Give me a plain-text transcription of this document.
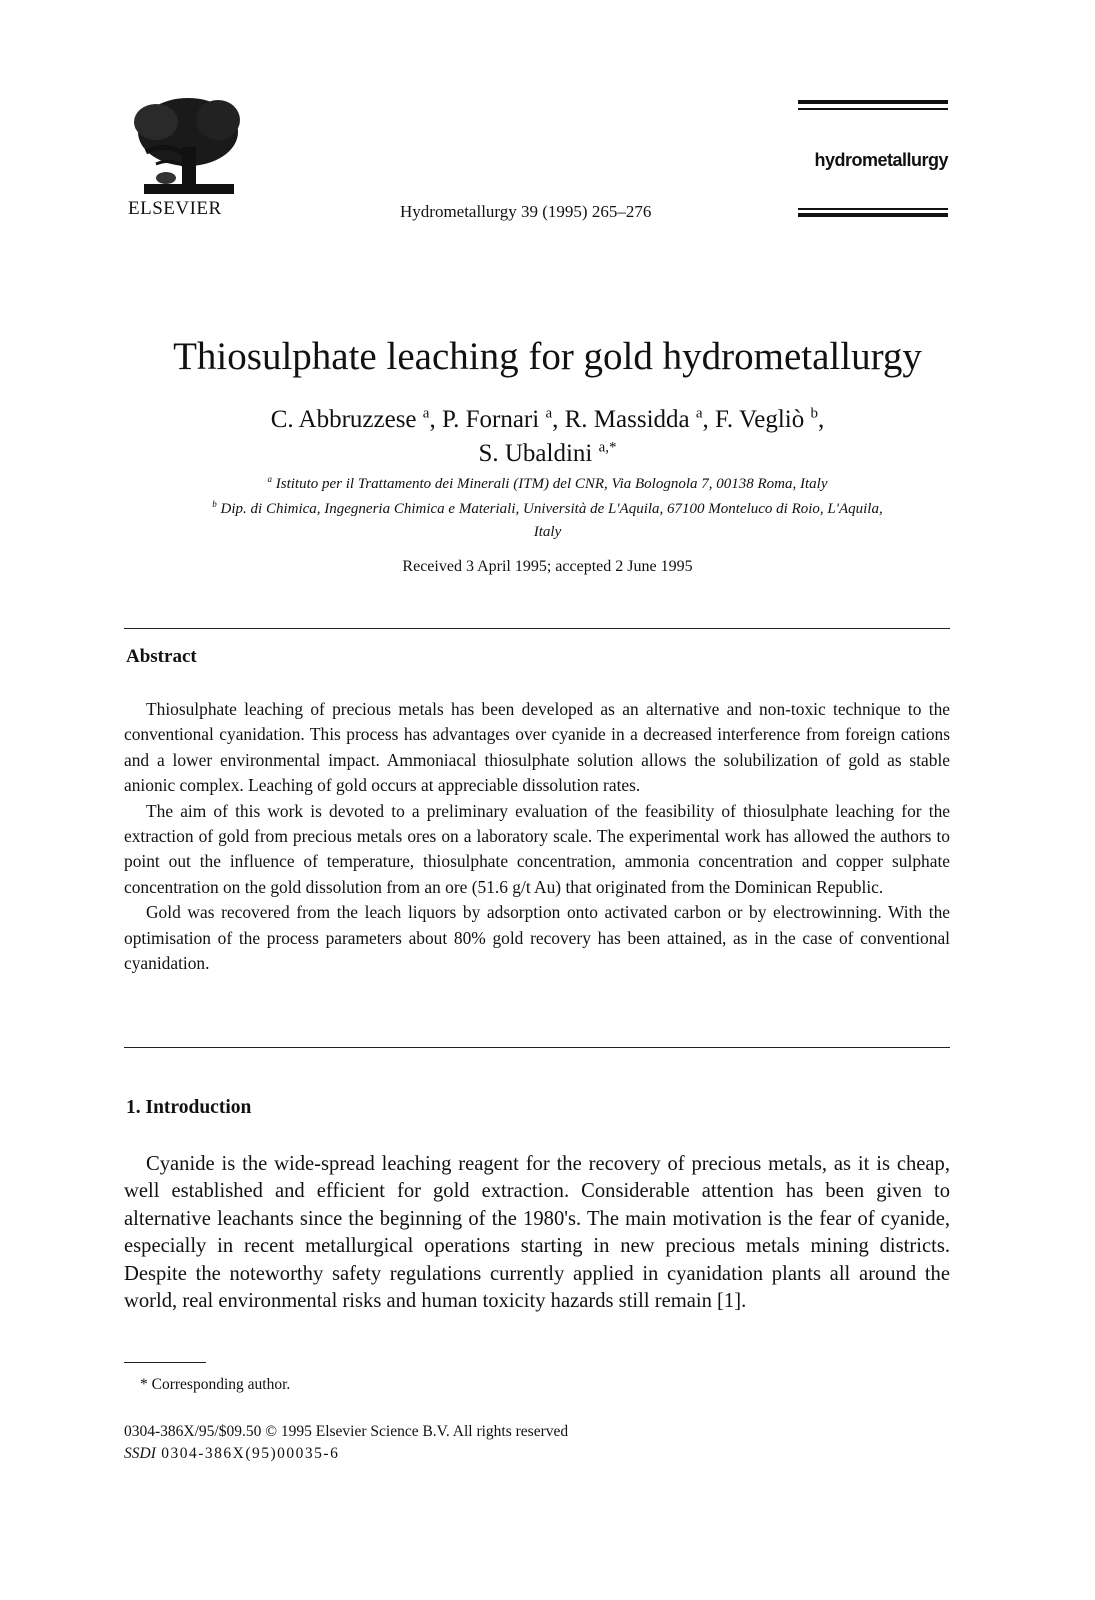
ELSEVIER	Hydrometallurgy 39 (1995) 265–276
hydrometallurgy
Thiosulphate leaching for gold hydrometallurgy
C. Abbruzzese $^a$, P. Fornari $^a$, R. Massidda $^a$, F. Vegliò $^b$,
S. Ubaldini $^{a,*}$
$^a$ Istituto per il Trattamento dei Minerali (ITM) del CNR, Via Bolognola 7, 00138 Roma, Italy
$^b$ Dip. di Chimica, Ingegneria Chimica e Materiali, Università de L'Aquila, 67100 Monteluco di Roio, L'Aquila,
Italy
Received 3 April 1995; accepted 2 June 1995
Abstract

Thiosulphate leaching of precious metals has been developed as an alternative and non-toxic technique to the conventional cyanidation. This process has advantages over cyanide in a decreased interference from foreign cations and a lower environmental impact. Ammoniacal thiosulphate solution allows the solubilization of gold as stable anionic complex. Leaching of gold occurs at appreciable dissolution rates.

The aim of this work is devoted to a preliminary evaluation of the feasibility of thiosulphate leaching for the extraction of gold from precious metals ores on a laboratory scale. The experimental work has allowed the authors to point out the influence of temperature, thiosulphate concentration, ammonia concentration and copper sulphate concentration on the gold dissolution from an ore (51.6 g/t Au) that originated from the Dominican Republic.

Gold was recovered from the leach liquors by adsorption onto activated carbon or by electrowinning. With the optimisation of the process parameters about 80% gold recovery has been attained, as in the case of conventional cyanidation.

1. Introduction

Cyanide is the wide-spread leaching reagent for the recovery of precious metals, as it is cheap, well established and efficient for gold extraction. Considerable attention has been given to alternative leachants since the beginning of the 1980's. The main motivation is the fear of cyanide, especially in recent metallurgical operations starting in new precious metals mining districts. Despite the noteworthy safety regulations currently applied in cyanidation plants all around the world, real environmental risks and human toxicity hazards still remain [1].

* Corresponding author.
0304-386X/95/$09.50 © 1995 Elsevier Science B.V. All rights reserved
SSDI 0304-386X(95)00035-6
